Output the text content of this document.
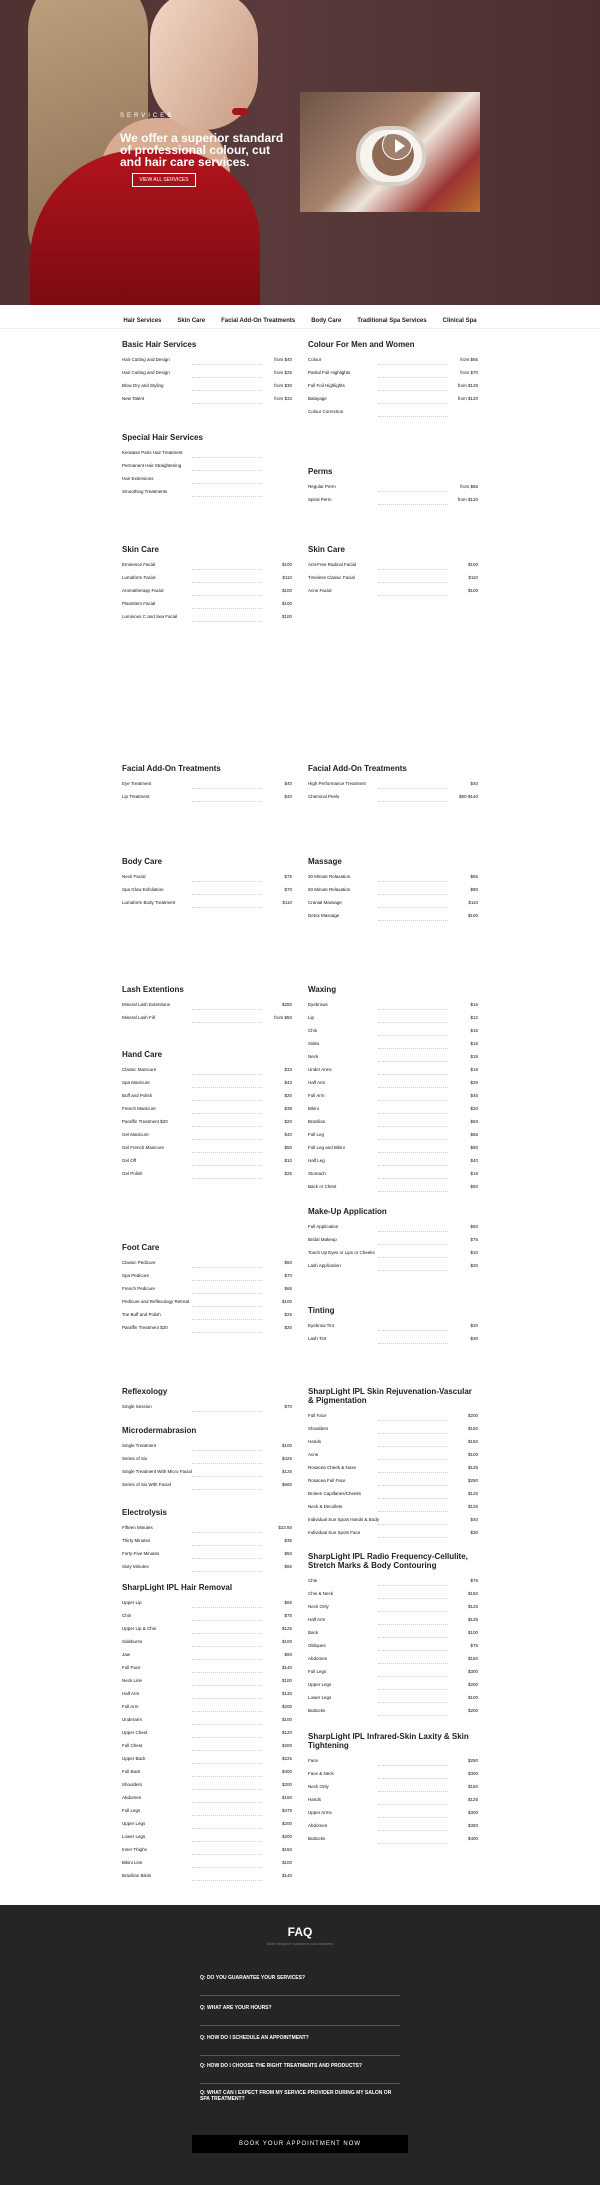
SERVICES
We offer a superior standard of professional colour, cut and hair care services.
VIEW ALL SERVICES
Hair Services	Skin Care	Facial Add-On Treatments	Body Care	Traditional Spa Services	Clinical Spa
Basic Hair Services
Hair Cutting and Design	from $40
Hair Cutting and Design	from $25
Blow Dry and Styling	from $30
New Talent	from $33
Colour For Men and Women
Colour	from $65
Partial Foil Highlights	from $70
Full Foil Highlights	from $125
Balayage	from $120
Colour Correction
Special Hair Services
Keratase Paris Hair Treatment
Permanent Hair Straightening
Hair Extensions
Smoothing Treatments
Perms
Regular Perm	from $65
Spiral Perm	from $120
Skin Care
Eminence Facial	$100
Lumaform Facial	$110
Aromatherapy Facial	$100
Plantstem Facial	$100
Luminous C and Sea Facial	$100
Skin Care
Anti-Free Radical Facial	$100
Timeless Classic Facial	$110
Acne Facial	$100
Facial Add-On Treatments
Eye Treatment	$40
Lip Treatment	$40
Facial Add-On Treatments
High Performance Treatment	$40
Chemical Peels	$80-$140
Body Care
Neck Facial	$75
Spa Glow Exfoliation	$70
Lumaform Body Treatment	$110
Massage
30 Minute Relaxation	$55
60 Minute Relaxation	$80
Cranial Massage	$110
Detox Massage	$100
Lash Extentions
Mineral Lash Extentions	$250
Mineral Lash Fill	from $50
Hand Care
Classic Manicure	$33
Spa Manicure	$43
Buff and Polish	$20
French Manicure	$38
Paraffin Treatment $20	$20
Gel Manicure	$40
Gel French Manicure	$50
Gel Off	$10
Gel Polish	$25
Waxing
Eyebrows	$16
Lip	$12
Chin	$15
Sides	$15
Neck	$15
Under Arms	$18
Half Arm	$25
Full Arm	$45
Bikini	$20
Brazilian	$60
Full Leg	$65
Full Leg and Bikini	$80
Half Leg	$40
Stomach	$18
Back or Chest	$50
Foot Care
Classic Pedicure	$60
Spa Pedicure	$70
French Pedicure	$65
Pedicure and Reflexology Retreat	$100
Toe Buff and Polish	$25
Paraffin Treatment $20	$20
Make-Up Application
Full Application	$60
Bridal Makeup	$75
Touch Up Eyes or Lips or Cheeks	$10
Lash Application	$20
Tinting
Eyebrow Tint	$20
Lash Tint	$30
Reflexology
Single Session	$70
SharpLight IPL Skin Rejuvenation-Vascular & Pigmentation
Full Face	$200
Shoulders	$150
Hands	$150
Acne	$100
Rosacea Cheek & Nose	$125
Rosacea Full Face	$250
Broken Capillaries/Cheeks	$125
Neck & Decollete	$125
Individual Sun Spots Hands & Body	$40
Individual Sun Spots Face	$30
Microdermabrasion
Single Treatment	$100
Series of Six	$425
Single Treatment With Micro Facial	$125
Series of Six With Facial	$660
SharpLight IPL Radio Frequency-Cellulite, Stretch Marks & Body Contouring
Chin	$75
Chin & Neck	$150
Neck Only	$125
Half Arm	$125
Back	$100
Obliques	$75
Abdomen	$150
Full Legs	$300
Upper Legs	$200
Lower Legs	$100
Buttocks	$200
Electrolysis
Fifteen Minutes	$22.50
Thirty Minutes	$35
Forty-Five Minutes	$50
Sixty Minutes	$65
SharpLight IPL Infrared-Skin Laxity & Skin Tightening
Face	$250
Face & Neck	$300
Neck Only	$150
Hands	$125
Upper Arms	$300
Abdomen	$350
Buttocks	$400
SharpLight IPL Hair Removal
Upper Lip	$65
Chin	$75
Upper Lip & Chin	$125
Sideburns	$100
Jaw	$90
Full Face	$140
Neck Line	$100
Half Arm	$130
Full Arm	$200
Underarm	$100
Upper Chest	$120
Full Chest	$200
Upper Back	$225
Full Back	$400
Shoulders	$200
Abdomen	$150
Full Legs	$375
Upper Legs	$200
Lower Legs	$200
Inner Thighs	$150
Bikini Line	$100
Brazilian Bikini	$140
FAQ
Most frequent questions and answers
Q: DO YOU GUARANTEE YOUR SERVICES?
Q: WHAT ARE YOUR HOURS?
Q: HOW DO I SCHEDULE AN APPOINTMENT?
Q: HOW DO I CHOOSE THE RIGHT TREATMENTS AND PRODUCTS?
Q: WHAT CAN I EXPECT FROM MY SERVICE PROVIDER DURING MY SALON OR SPA TREATMENT?
BOOK YOUR APPOINTMENT NOW
